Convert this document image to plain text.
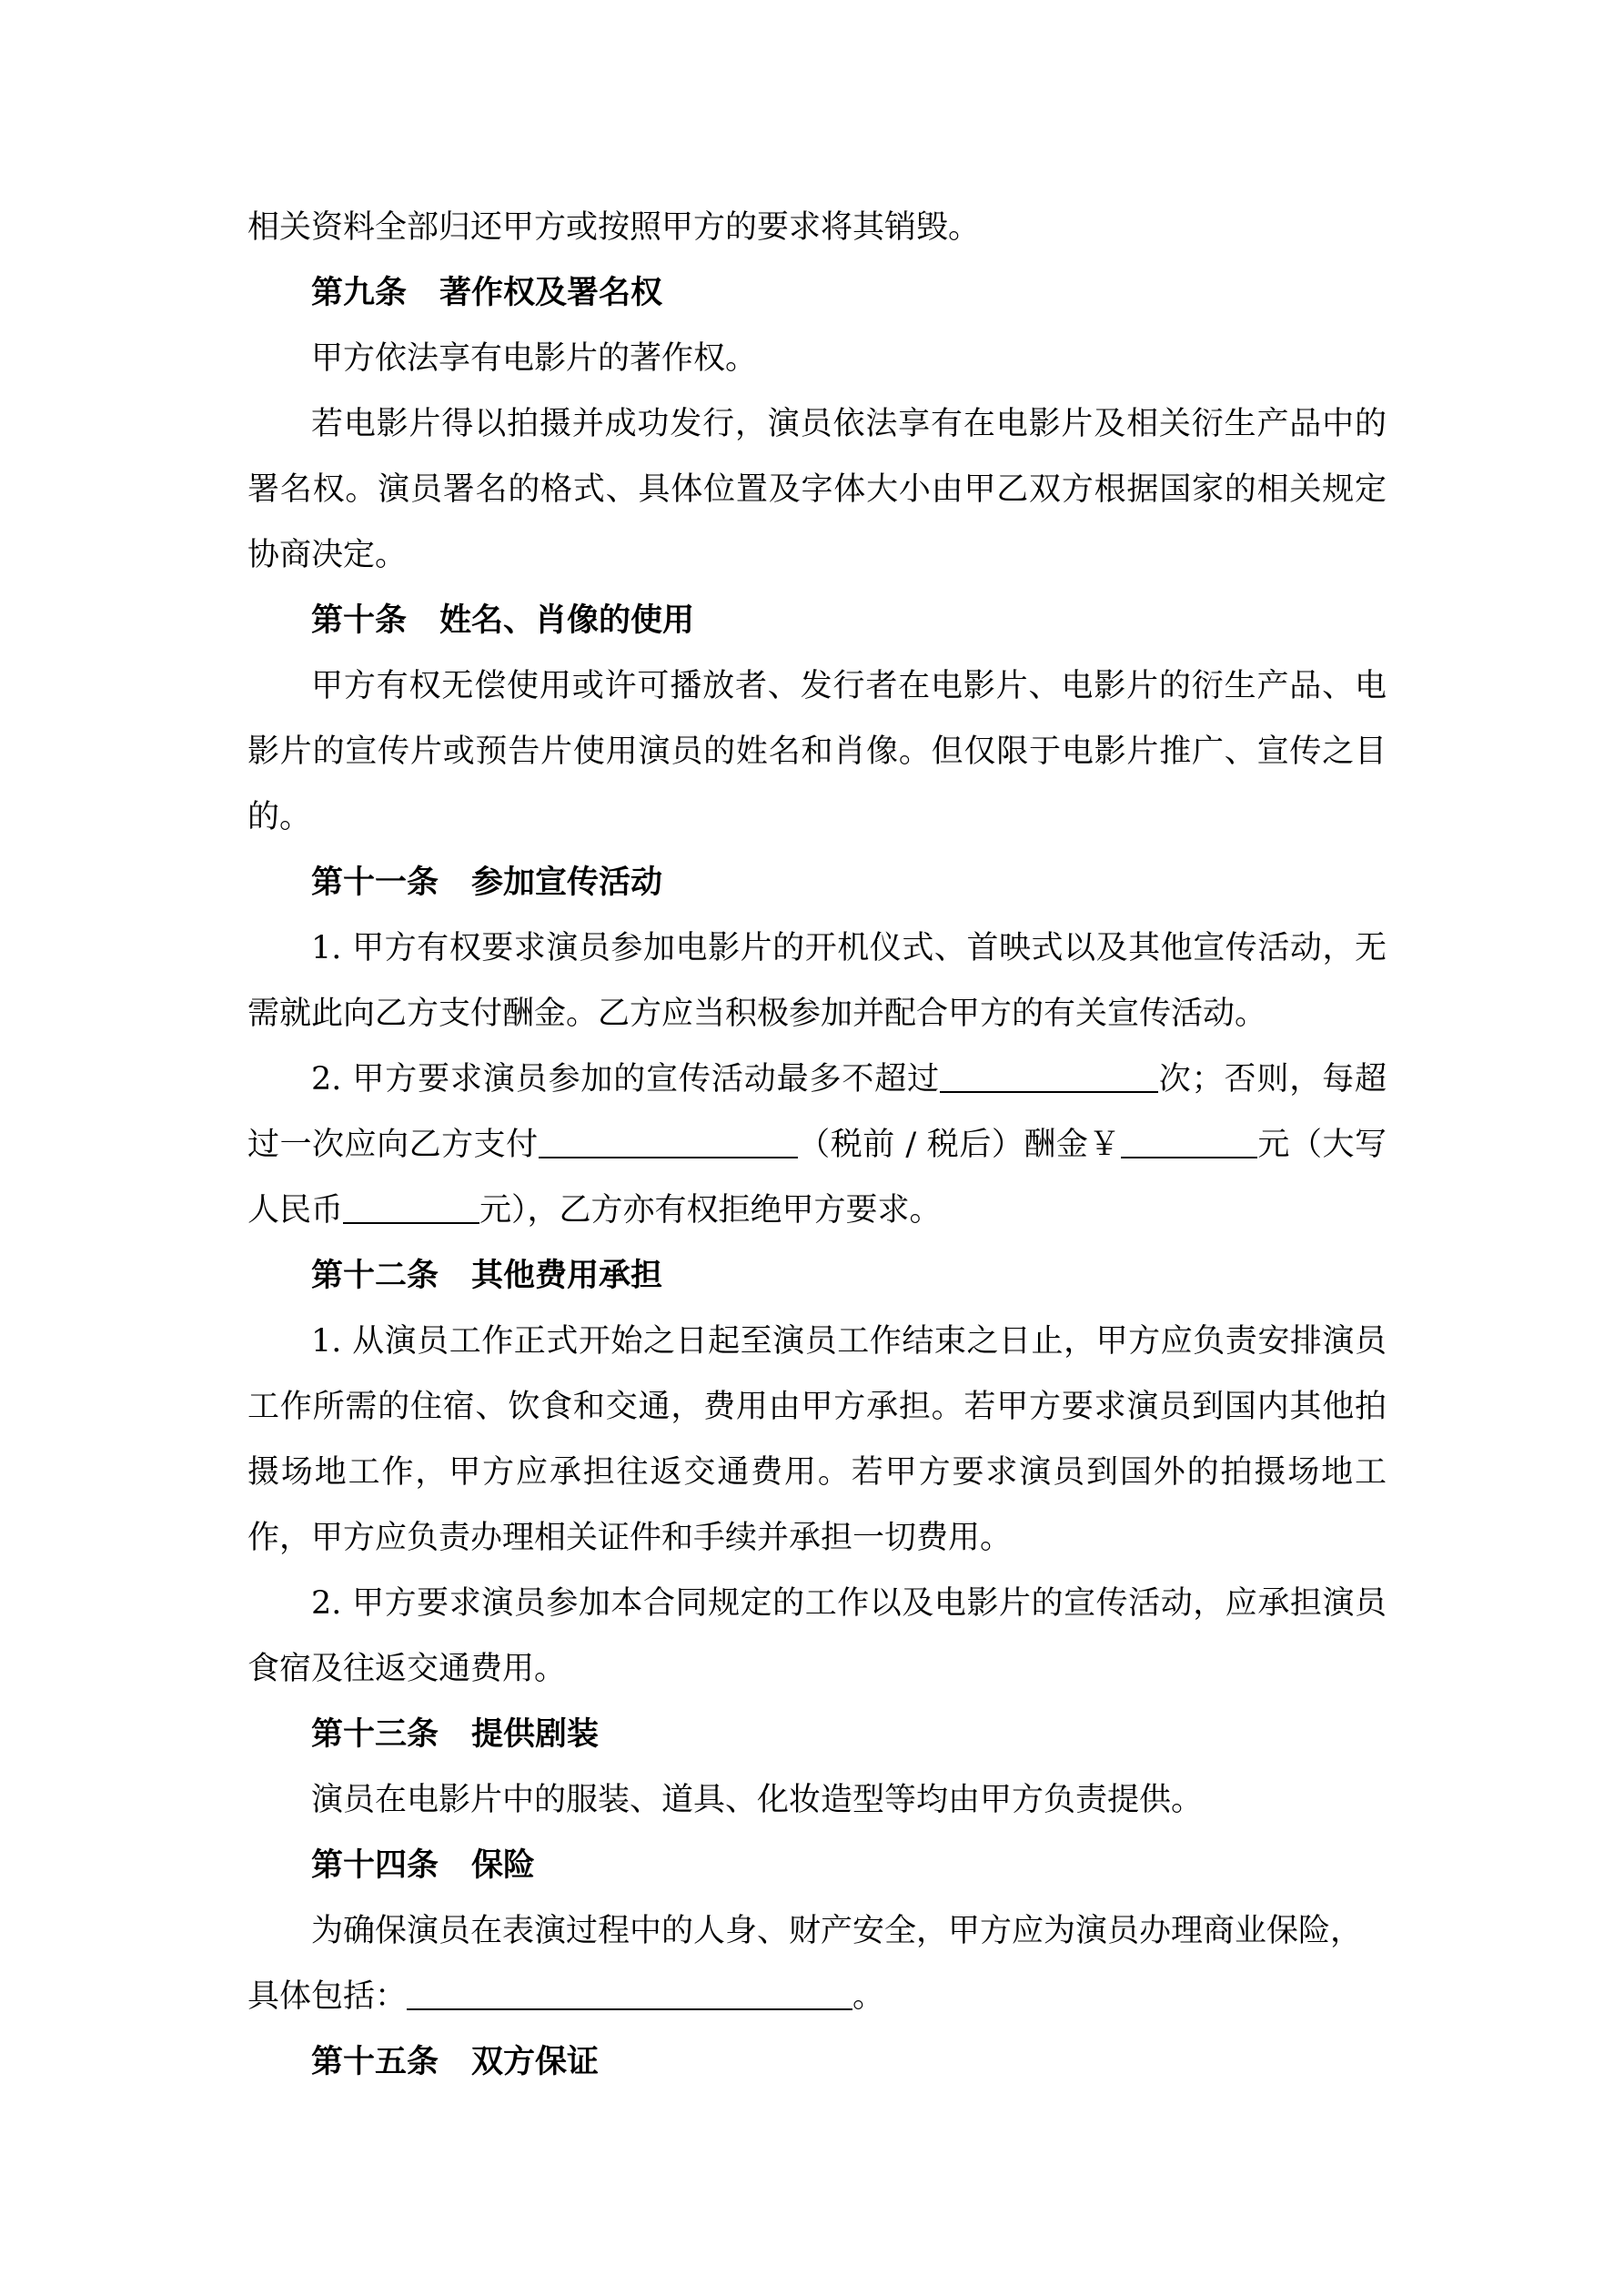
相关资料全部归还甲方或按照甲方的要求将其销毁。

第九条 著作权及署名权

甲方依法享有电影片的著作权。

若电影片得以拍摄并成功发行，演员依法享有在电影片及相关衍生产品中的署名权。演员署名的格式、具体位置及字体大小由甲乙双方根据国家的相关规定协商决定。

第十条 姓名、肖像的使用

甲方有权无偿使用或许可播放者、发行者在电影片、电影片的衍生产品、电影片的宣传片或预告片使用演员的姓名和肖像。但仅限于电影片推广、宣传之目的。

第十一条 参加宣传活动

1. 甲方有权要求演员参加电影片的开机仪式、首映式以及其他宣传活动，无需就此向乙方支付酬金。乙方应当积极参加并配合甲方的有关宣传活动。

2. 甲方要求演员参加的宣传活动最多不超过	次；否则，每超过一次应向乙方支付	（税前 / 税后）酬金￥	元（大写人民币	元），乙方亦有权拒绝甲方要求。

第十二条 其他费用承担

1. 从演员工作正式开始之日起至演员工作结束之日止，甲方应负责安排演员工作所需的住宿、饮食和交通，费用由甲方承担。若甲方要求演员到国内其他拍摄场地工作，甲方应承担往返交通费用。若甲方要求演员到国外的拍摄场地工作，甲方应负责办理相关证件和手续并承担一切费用。

2. 甲方要求演员参加本合同规定的工作以及电影片的宣传活动，应承担演员食宿及往返交通费用。

第十三条 提供剧装

演员在电影片中的服装、道具、化妆造型等均由甲方负责提供。

第十四条 保险

为确保演员在表演过程中的人身、财产安全，甲方应为演员办理商业保险，

具体包括：	。

第十五条 双方保证
